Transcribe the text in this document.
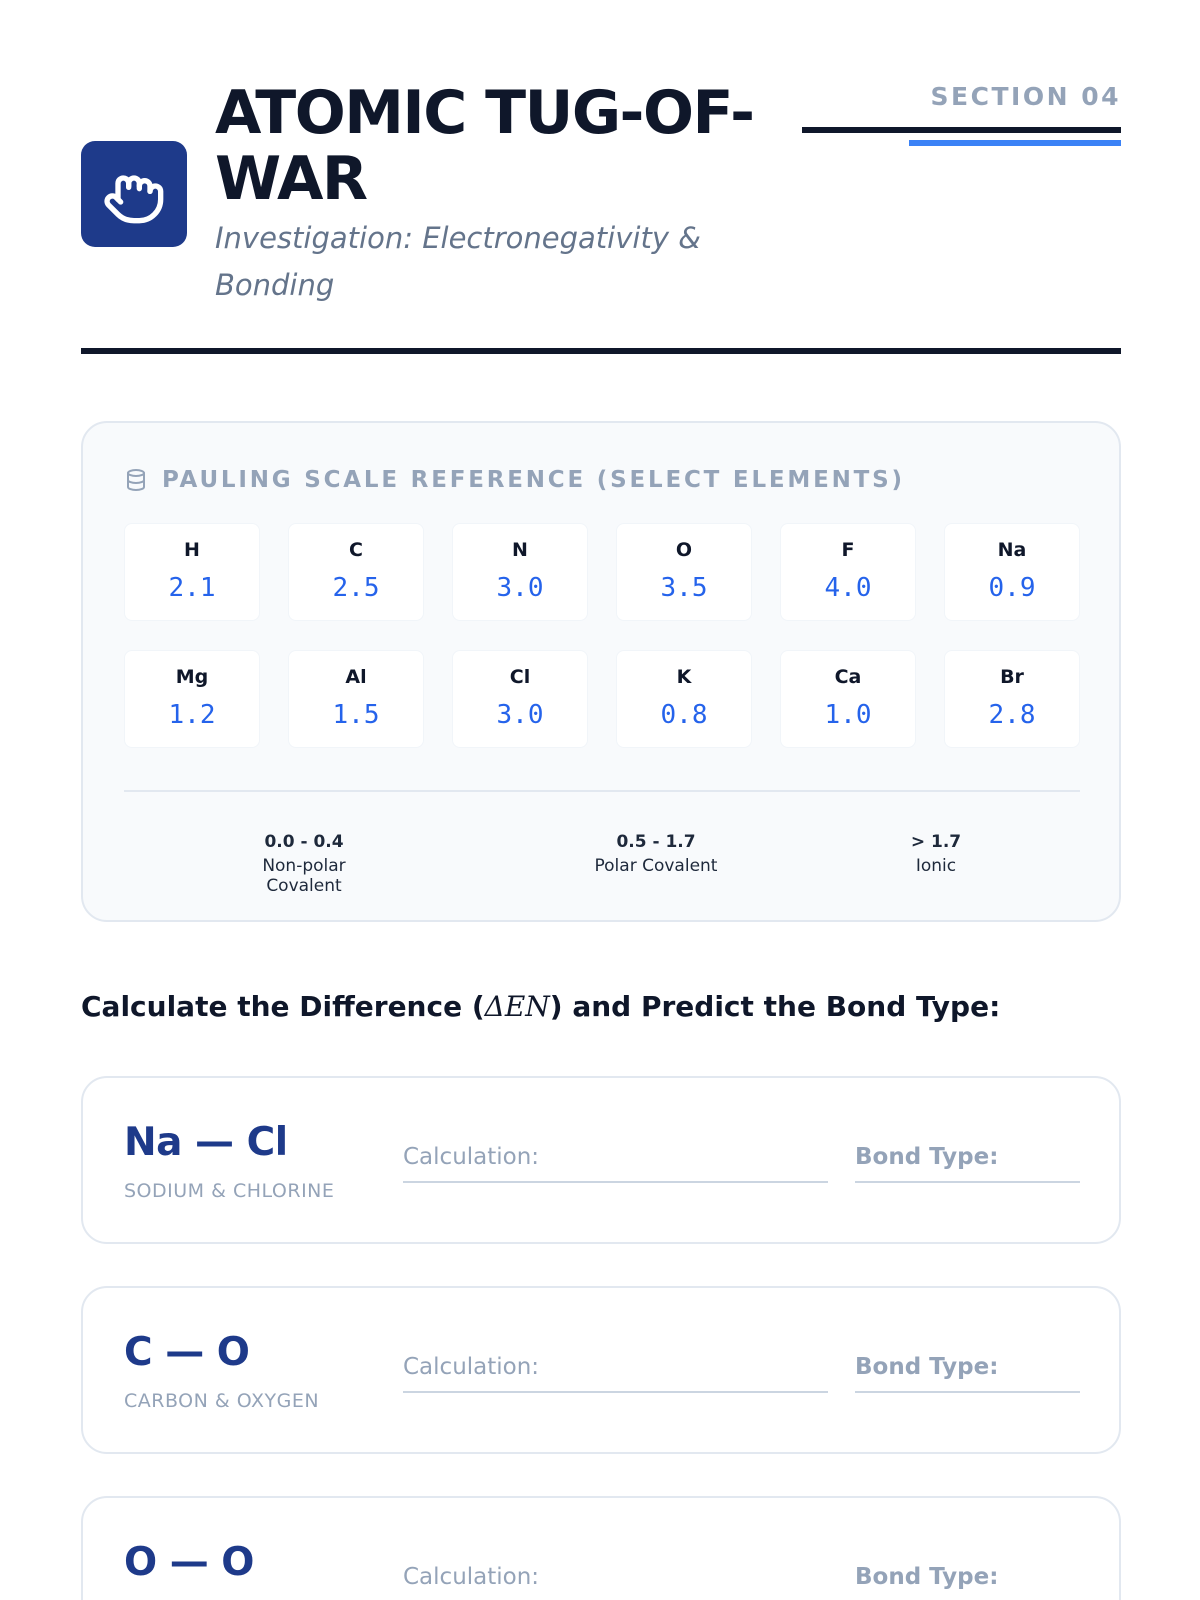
ATOMIC TUG-OF-WAR
Investigation: Electronegativity & Bonding
SECTION 04
PAULING SCALE REFERENCE (SELECT ELEMENTS)
H
2.1
C
2.5
N
3.0
O
3.5
F
4.0
Na
0.9
Mg
1.2
Al
1.5
Cl
3.0
K
0.8
Ca
1.0
Br
2.8
0.0 - 0.4
Non-polar Covalent
0.5 - 1.7
Polar Covalent
> 1.7
Ionic
Calculate the Difference (ΔEN) and Predict the Bond Type:
Na — Cl
SODIUM & CHLORINE
Calculation:	Bond Type:
C — O
CARBON & OXYGEN
Calculation:	Bond Type:
O — O	Calculation:	Bond Type:
